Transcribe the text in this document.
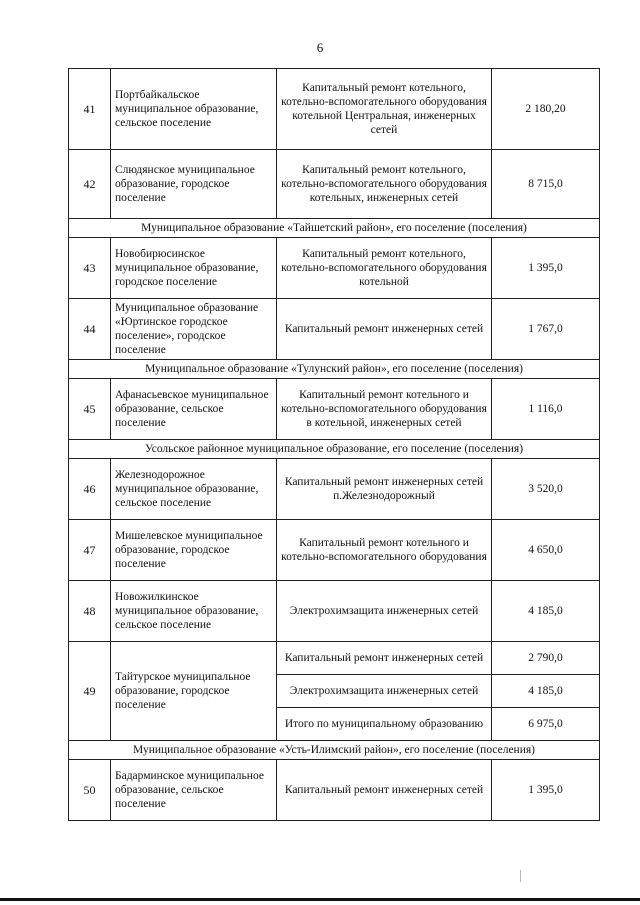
6
41	Портбайкальское муниципальное образование, сельское поселение	Капитальный ремонт котельного, котельно-вспомогательного оборудования котельной Центральная, инженерных сетей	2 180,20
42	Слюдянское муниципальное образование, городское поселение	Капитальный ремонт котельного, котельно-вспомогательного оборудования котельных, инженерных сетей	8 715,0
Муниципальное образование «Тайшетский район», его поселение (поселения)			
43	Новобирюсинское муниципальное образование, городское поселение	Капитальный ремонт котельного, котельно-вспомогательного оборудования котельной	1 395,0
44	Муниципальное образование «Юртинское городское поселение», городское поселение	Капитальный ремонт инженерных сетей	1 767,0
Муниципальное образование «Тулунский район», его поселение (поселения)			
45	Афанасьевское муниципальное образование, сельское поселение	Капитальный ремонт котельного и котельно-вспомогательного оборудования в котельной, инженерных сетей	1 116,0
Усольское районное муниципальное образование, его поселение (поселения)			
46	Железнодорожное муниципальное образование, сельское поселение	Капитальный ремонт инженерных сетей п.Железнодорожный	3 520,0
47	Мишелевское муниципальное образование, городское поселение	Капитальный ремонт котельного и котельно-вспомогательного оборудования	4 650,0
48	Новожилкинское муниципальное образование, сельское поселение	Электрохимзащита инженерных сетей	4 185,0
49	Тайтурское муниципальное образование, городское поселение	Капитальный ремонт инженерных сетей	2 790,0
		Электрохимзащита инженерных сетей	4 185,0
		Итого по муниципальному образованию	6 975,0
Муниципальное образование «Усть-Илимский район», его поселение (поселения)			
50	Бадарминское муниципальное образование, сельское поселение	Капитальный ремонт инженерных сетей	1 395,0
